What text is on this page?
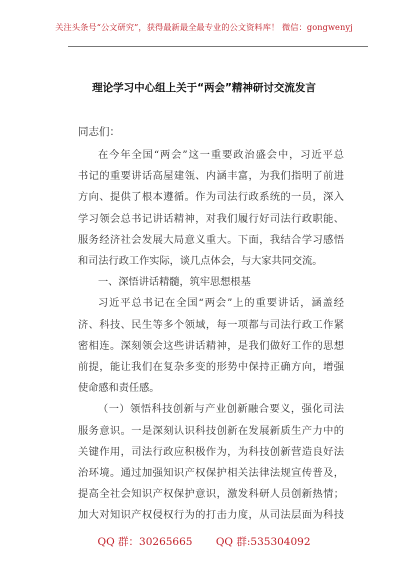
关注头条号“公文研究”，获得最新最全最专业的公文资料库！ 微信：gongwenyj
理论学习中心组上关于“两会”精神研讨交流发言
同志们：
在今年全国“两会”这一重要政治盛会中，习近平总
书记的重要讲话高屋建瓴、内涵丰富，为我们指明了前进
方向、提供了根本遵循。作为司法行政系统的一员，深入
学习领会总书记讲话精神，对我们履行好司法行政职能、
服务经济社会发展大局意义重大。下面，我结合学习感悟
和司法行政工作实际，谈几点体会，与大家共同交流。
一、深悟讲话精髓，筑牢思想根基
习近平总书记在全国“两会”上的重要讲话，涵盖经
济、科技、民生等多个领域，每一项都与司法行政工作紧
密相连。深刻领会这些讲话精神，是我们做好工作的思想
前提，能让我们在复杂多变的形势中保持正确方向，增强
使命感和责任感。
（一）领悟科技创新与产业创新融合要义，强化司法
服务意识。一是深刻认识科技创新在发展新质生产力中的
关键作用，司法行政应积极作为，为科技创新营造良好法
治环境。通过加强知识产权保护相关法律法规宣传普及，
提高全社会知识产权保护意识，激发科研人员创新热情；
加大对知识产权侵权行为的打击力度，从司法层面为科技
QQ 群：30265665 QQ 群:535304092
